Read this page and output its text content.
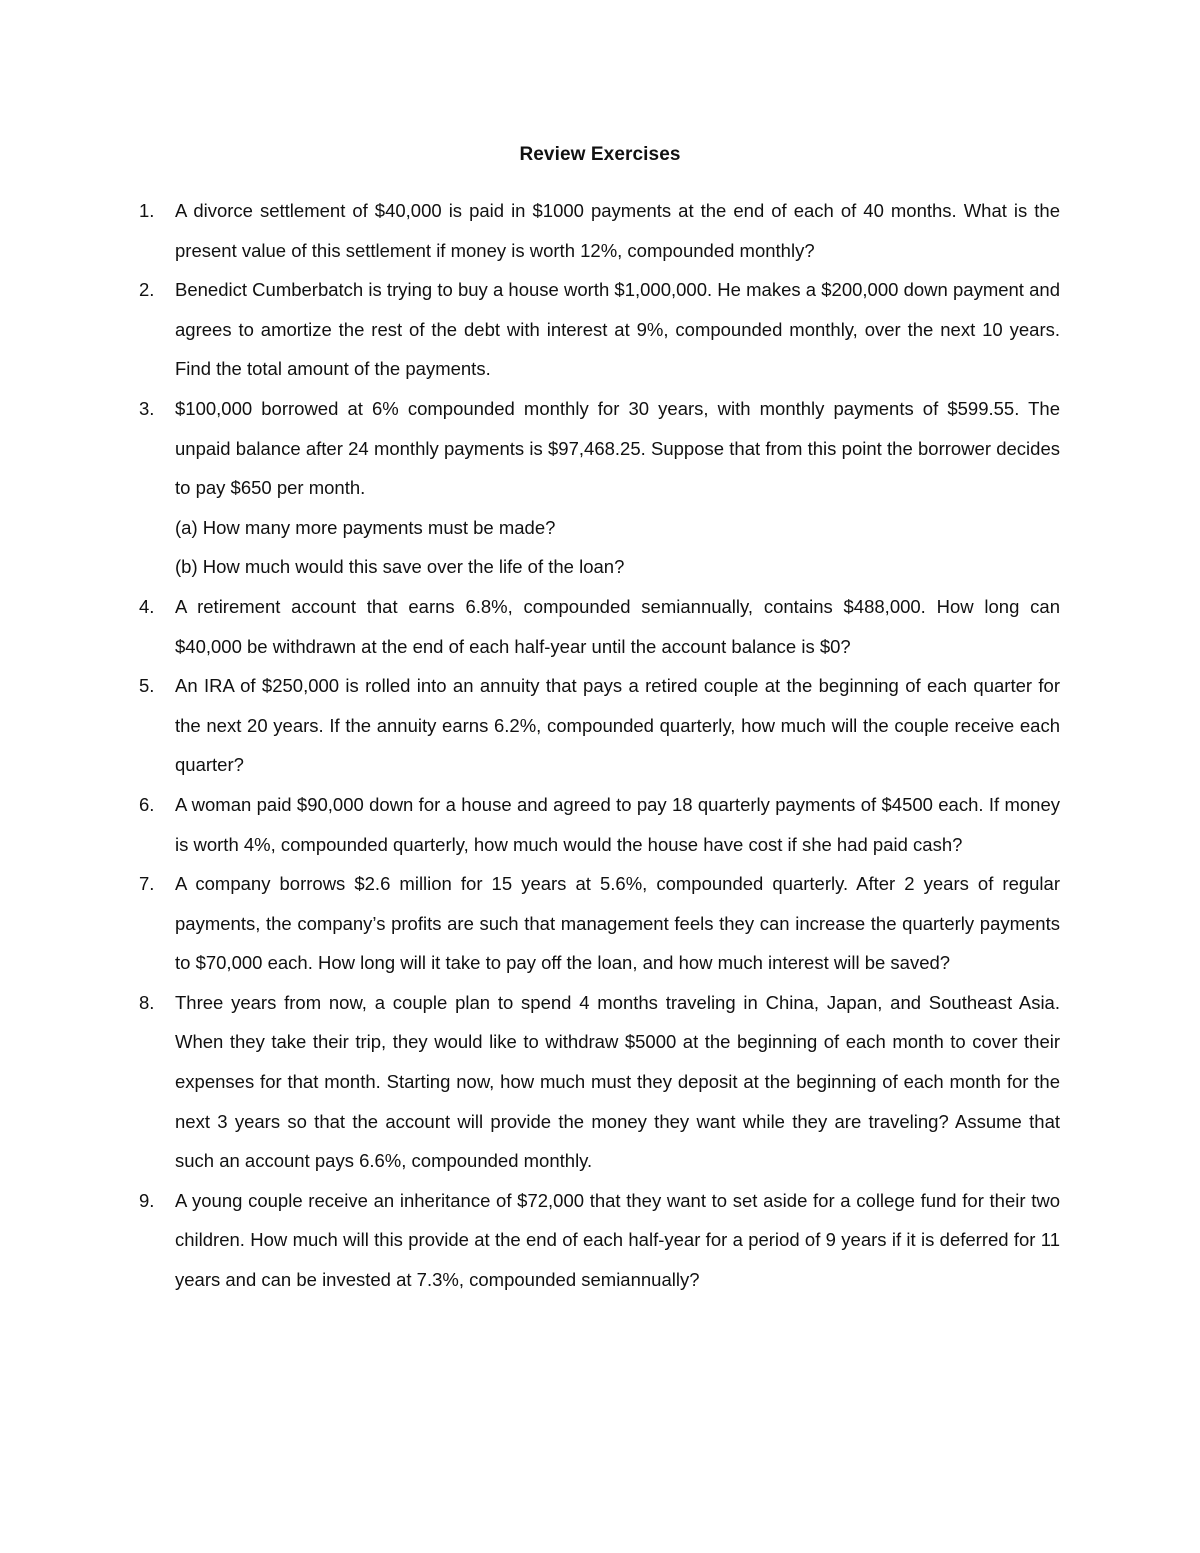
Review Exercises
1.	A divorce settlement of $40,000 is paid in $1000 payments at the end of each of 40 months. What is the present value of this settlement if money is worth 12%, compounded monthly?
2.	Benedict Cumberbatch is trying to buy a house worth $1,000,000. He makes a $200,000 down payment and agrees to amortize the rest of the debt with interest at 9%, compounded monthly, over the next 10 years. Find the total amount of the payments.
3.	$100,000 borrowed at 6% compounded monthly for 30 years, with monthly payments of $599.55. The unpaid balance after 24 monthly payments is $97,468.25. Suppose that from this point the borrower decides to pay $650 per month.
(a) How many more payments must be made?
(b) How much would this save over the life of the loan?
4.	A retirement account that earns 6.8%, compounded semiannually, contains $488,000. How long can $40,000 be withdrawn at the end of each half-year until the account balance is $0?
5.	An IRA of $250,000 is rolled into an annuity that pays a retired couple at the beginning of each quarter for the next 20 years. If the annuity earns 6.2%, compounded quarterly, how much will the couple receive each quarter?
6.	A woman paid $90,000 down for a house and agreed to pay 18 quarterly payments of $4500 each. If money is worth 4%, compounded quarterly, how much would the house have cost if she had paid cash?
7.	A company borrows $2.6 million for 15 years at 5.6%, compounded quarterly. After 2 years of regular payments, the company’s profits are such that management feels they can increase the quarterly payments to $70,000 each. How long will it take to pay off the loan, and how much interest will be saved?
8.	Three years from now, a couple plan to spend 4 months traveling in China, Japan, and Southeast Asia. When they take their trip, they would like to withdraw $5000 at the beginning of each month to cover their expenses for that month. Starting now, how much must they deposit at the beginning of each month for the next 3 years so that the account will provide the money they want while they are traveling? Assume that such an account pays 6.6%, compounded monthly.
9.	A young couple receive an inheritance of $72,000 that they want to set aside for a college fund for their two children. How much will this provide at the end of each half-year for a period of 9 years if it is deferred for 11 years and can be invested at 7.3%, compounded semiannually?
